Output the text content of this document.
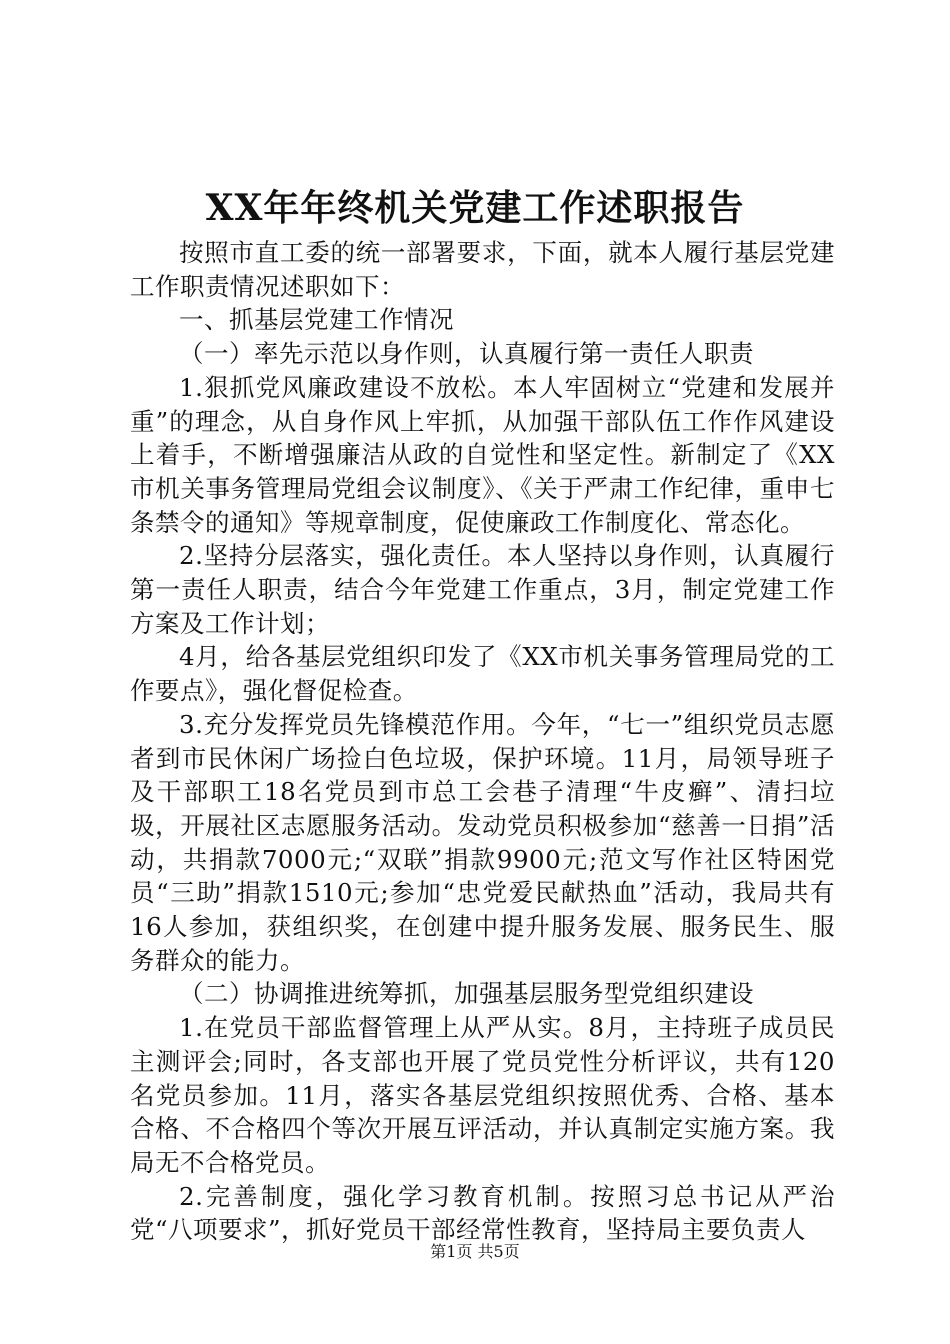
XX年年终机关党建工作述职报告

按照市直工委的统一部署要求，下面，就本人履行基层党建工作职责情况述职如下：

一、抓基层党建工作情况

（一）率先示范以身作则，认真履行第一责任人职责

1.狠抓党风廉政建设不放松。本人牢固树立“党建和发展并重”的理念，从自身作风上牢抓，从加强干部队伍工作作风建设上着手，不断增强廉洁从政的自觉性和坚定性。新制定了《XX市机关事务管理局党组会议制度》、《关于严肃工作纪律，重申七条禁令的通知》等规章制度，促使廉政工作制度化、常态化。

2.坚持分层落实，强化责任。本人坚持以身作则，认真履行第一责任人职责，结合今年党建工作重点，3月，制定党建工作方案及工作计划；

4月，给各基层党组织印发了《XX市机关事务管理局党的工作要点》，强化督促检查。

3.充分发挥党员先锋模范作用。今年，“七一”组织党员志愿者到市民休闲广场捡白色垃圾，保护环境。11月，局领导班子及干部职工18名党员到市总工会巷子清理“牛皮癣”、清扫垃圾，开展社区志愿服务活动。发动党员积极参加“慈善一日捐”活动，共捐款7000元;“双联”捐款9900元;范文写作社区特困党员“三助”捐款1510元;参加“忠党爱民献热血”活动，我局共有16人参加，获组织奖，在创建中提升服务发展、服务民生、服务群众的能力。

（二）协调推进统筹抓，加强基层服务型党组织建设

1.在党员干部监督管理上从严从实。8月，主持班子成员民主测评会;同时，各支部也开展了党员党性分析评议，共有120名党员参加。11月，落实各基层党组织按照优秀、合格、基本合格、不合格四个等次开展互评活动，并认真制定实施方案。我局无不合格党员。

2.完善制度，强化学习教育机制。按照习总书记从严治党“八项要求”，抓好党员干部经常性教育，坚持局主要负责人

第1页 共5页
